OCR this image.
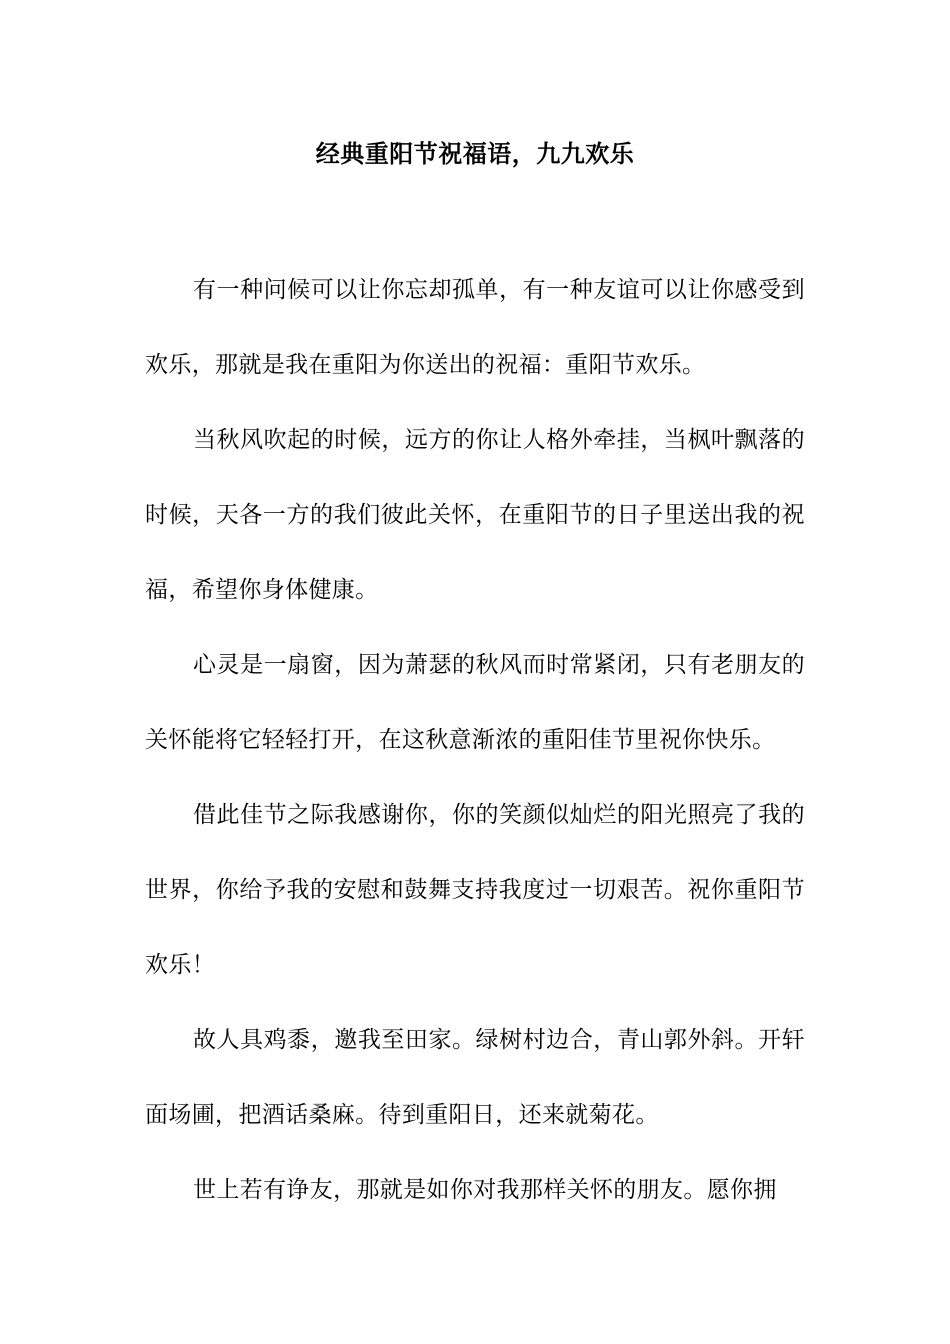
经典重阳节祝福语，九九欢乐

有一种问候可以让你忘却孤单，有一种友谊可以让你感受到欢乐，那就是我在重阳为你送出的祝福：重阳节欢乐。

当秋风吹起的时候，远方的你让人格外牵挂，当枫叶飘落的时候，天各一方的我们彼此关怀，在重阳节的日子里送出我的祝福，希望你身体健康。

心灵是一扇窗，因为萧瑟的秋风而时常紧闭，只有老朋友的关怀能将它轻轻打开，在这秋意渐浓的重阳佳节里祝你快乐。

借此佳节之际我感谢你，你的笑颜似灿烂的阳光照亮了我的世界，你给予我的安慰和鼓舞支持我度过一切艰苦。祝你重阳节欢乐！

故人具鸡黍，邀我至田家。绿树村边合，青山郭外斜。开轩面场圃，把酒话桑麻。待到重阳日，还来就菊花。

世上若有诤友，那就是如你对我那样关怀的朋友。愿你拥
